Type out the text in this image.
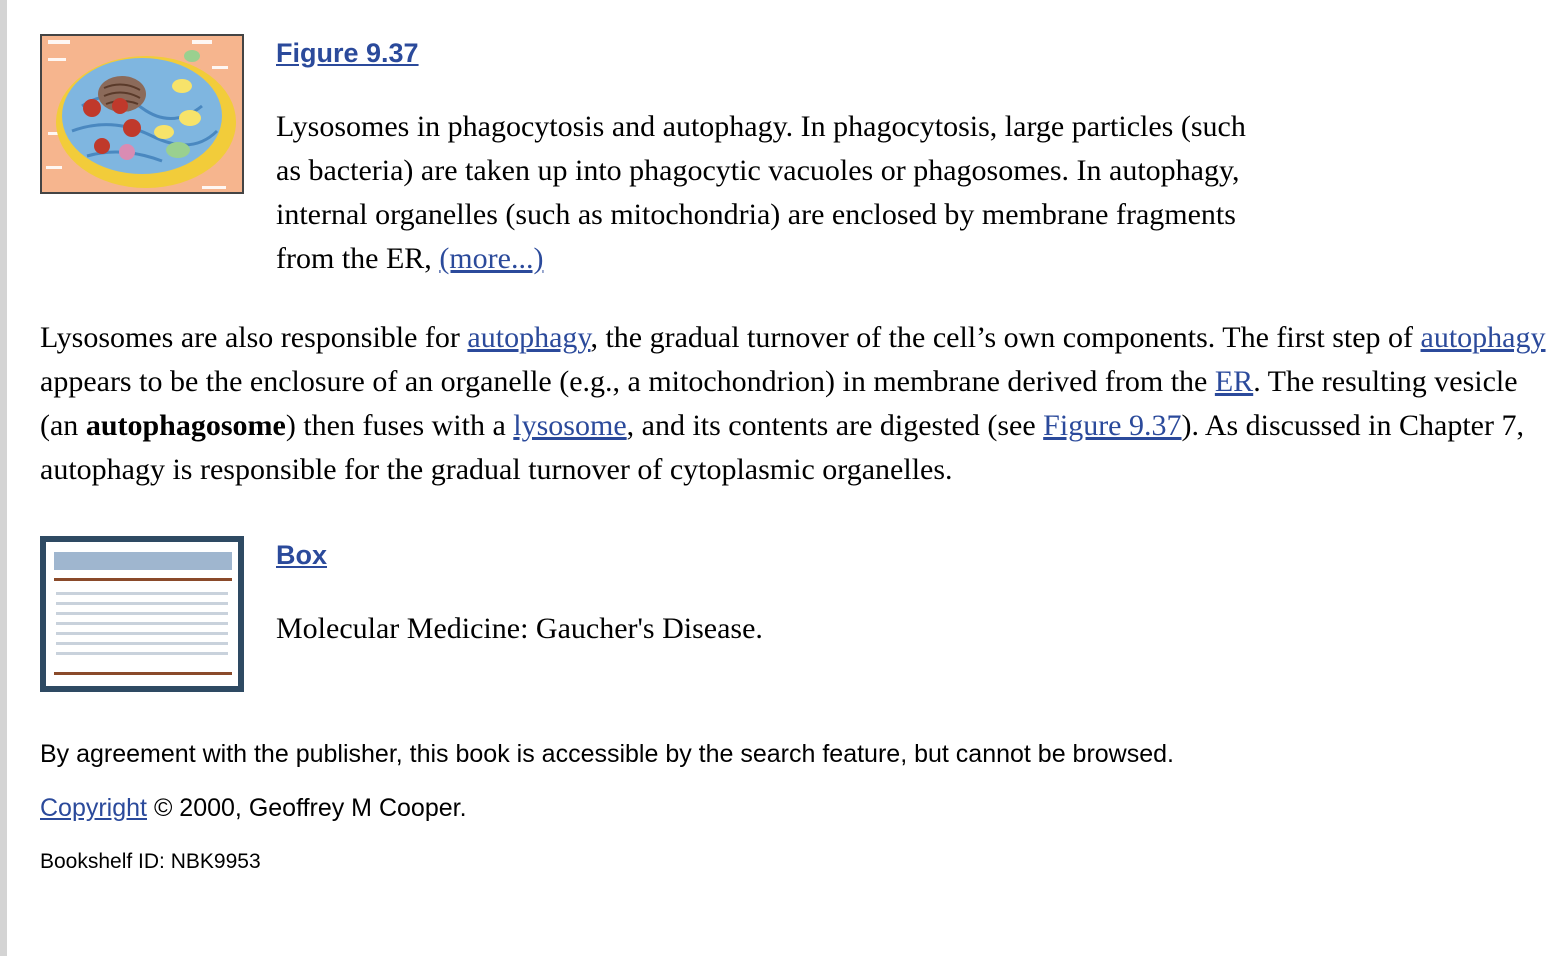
Figure 9.37

Lysosomes in phagocytosis and autophagy. In phagocytosis, large particles (such as bacteria) are taken up into phagocytic vacuoles or phagosomes. In autophagy, internal organelles (such as mitochondria) are enclosed by membrane fragments from the ER, (more...)

Lysosomes are also responsible for autophagy, the gradual turnover of the cell’s own components. The first step of autophagy appears to be the enclosure of an organelle (e.g., a mitochondrion) in membrane derived from the ER. The resulting vesicle (an autophagosome) then fuses with a lysosome, and its contents are digested (see Figure 9.37). As discussed in Chapter 7, autophagy is responsible for the gradual turnover of cytoplasmic organelles.

Box

Molecular Medicine: Gaucher's Disease.

By agreement with the publisher, this book is accessible by the search feature, but cannot be browsed.

Copyright © 2000, Geoffrey M Cooper.

Bookshelf ID: NBK9953
